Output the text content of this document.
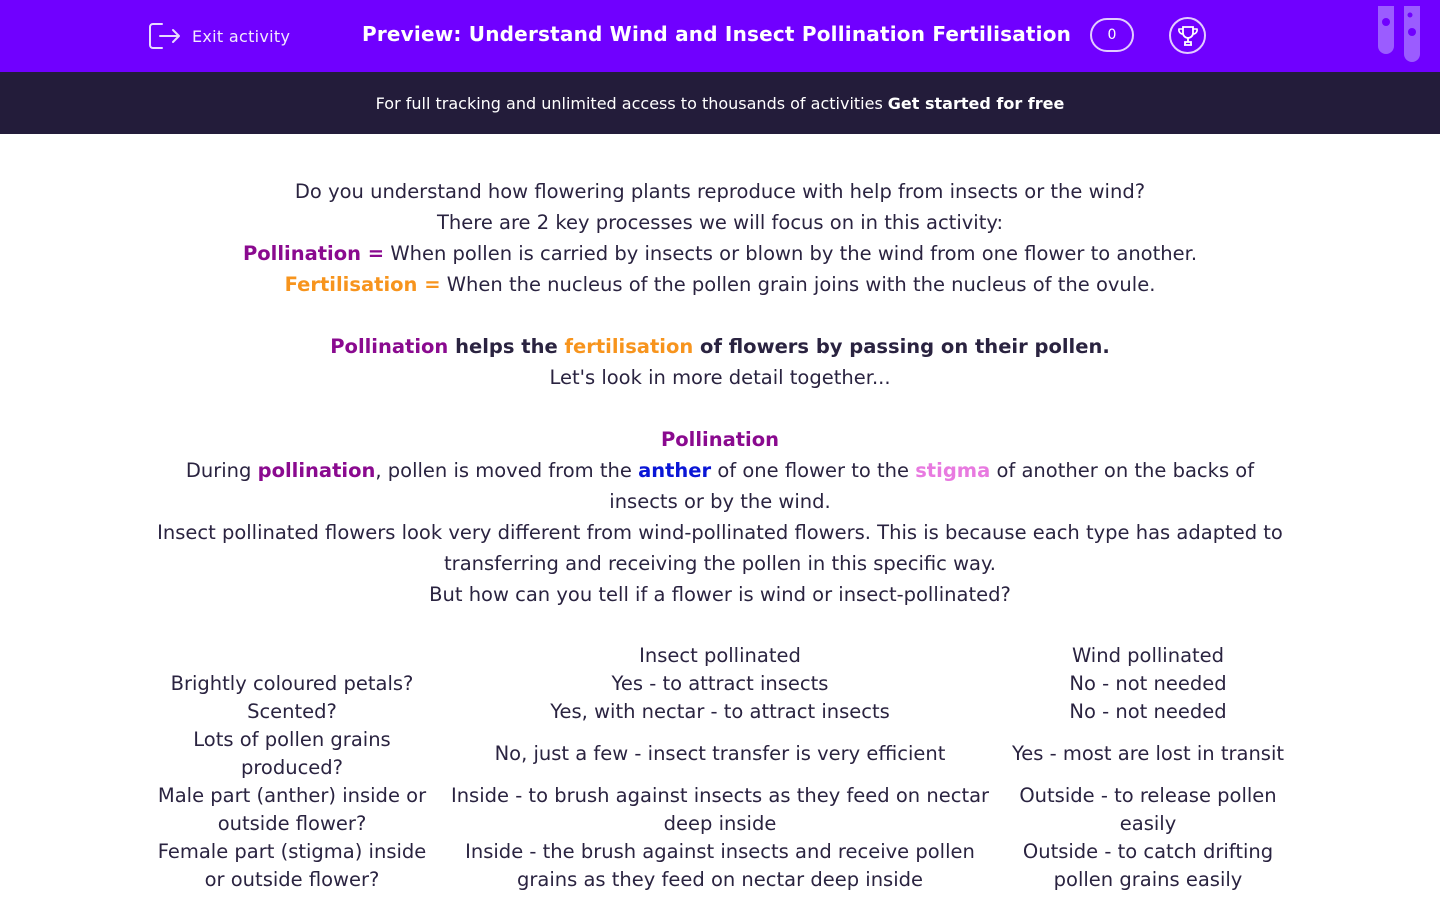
Exit activity	Preview: Understand Wind and Insect Pollination Fertilisation	0
For full tracking and unlimited access to thousands of activities Get started for free

Do you understand how flowering plants reproduce with help from insects or the wind?

There are 2 key processes we will focus on in this activity:

Pollination = When pollen is carried by insects or blown by the wind from one flower to another.

Fertilisation = When the nucleus of the pollen grain joins with the nucleus of the ovule.

Pollination helps the fertilisation of flowers by passing on their pollen.

Let's look in more detail together...

Pollination

During pollination, pollen is moved from the anther of one flower to the stigma of another on the backs of insects or by the wind.

Insect pollinated flowers look very different from wind-pollinated flowers. This is because each type has adapted to transferring and receiving the pollen in this specific way.

But how can you tell if a flower is wind or insect-pollinated?

	Insect pollinated	Wind pollinated
Brightly coloured petals?	Yes - to attract insects	No - not needed
Scented?	Yes, with nectar - to attract insects	No - not needed
Lots of pollen grains produced?	No, just a few - insect transfer is very efficient	Yes - most are lost in transit
Male part (anther) inside or outside flower?	Inside - to brush against insects as they feed on nectar deep inside	Outside - to release pollen easily
Female part (stigma) inside or outside flower?	Inside - the brush against insects and receive pollen grains as they feed on nectar deep inside	Outside - to catch drifting pollen grains easily
